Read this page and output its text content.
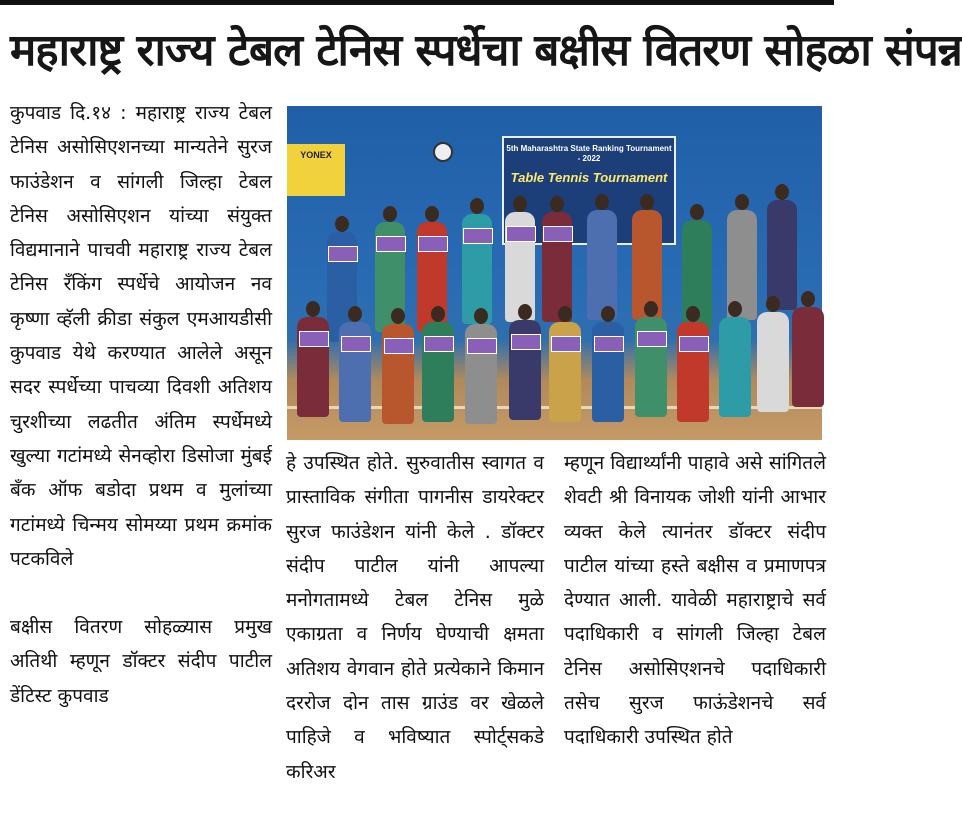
महाराष्ट्र राज्य टेबल टेनिस स्पर्धेचा बक्षीस वितरण सोहळा संपन्न

कुपवाड दि.१४ : महाराष्ट्र राज्य टेबल टेनिस असोसिएशनच्या मान्यतेने सुरज फाउंडेशन व सांगली जिल्हा टेबल टेनिस असोसिएशन यांच्या संयुक्त विद्यमानाने पाचवी महाराष्ट्र राज्य टेबल टेनिस रँकिंग स्पर्धेचे आयोजन नव कृष्णा व्हॅली क्रीडा संकुल एमआयडीसी कुपवाड येथे करण्यात आलेले असून सदर स्पर्धेच्या पाचव्या दिवशी अतिशय चुरशीच्या लढतीत अंतिम स्पर्धेमध्ये खुल्या गटांमध्ये सेनव्होरा डिसोजा मुंबई बँक ऑफ बडोदा प्रथम व मुलांच्या गटांमध्ये चिन्मय सोमय्या प्रथम क्रमांक पटकविले

बक्षीस वितरण सोहळ्यास प्रमुख अतिथी म्हणून डॉक्टर संदीप पाटील डेंटिस्ट कुपवाड

YONEX
5th Maharashtra State Ranking Tournament - 2022
Table Tennis Tournament

हे उपस्थित होते. सुरुवातीस स्वागत व प्रास्ताविक संगीता पागनीस डायरेक्टर सुरज फाउंडेशन यांनी केले . डॉक्टर संदीप पाटील यांनी आपल्या मनोगतामध्ये टेबल टेनिस मुळे एकाग्रता व निर्णय घेण्याची क्षमता अतिशय वेगवान होते प्रत्येकाने किमान दररोज दोन तास ग्राउंड वर खेळले पाहिजे व भविष्यात स्पोर्ट्सकडे करिअर

म्हणून विद्यार्थ्यांनी पाहावे असे सांगितले शेवटी श्री विनायक जोशी यांनी आभार व्यक्त केले त्यानंतर डॉक्टर संदीप पाटील यांच्या हस्ते बक्षीस व प्रमाणपत्र देण्यात आली. यावेळी महाराष्ट्राचे सर्व पदाधिकारी व सांगली जिल्हा टेबल टेनिस असोसिएशनचे पदाधिकारी तसेच सुरज फाऊंडेशनचे सर्व पदाधिकारी उपस्थित होते
